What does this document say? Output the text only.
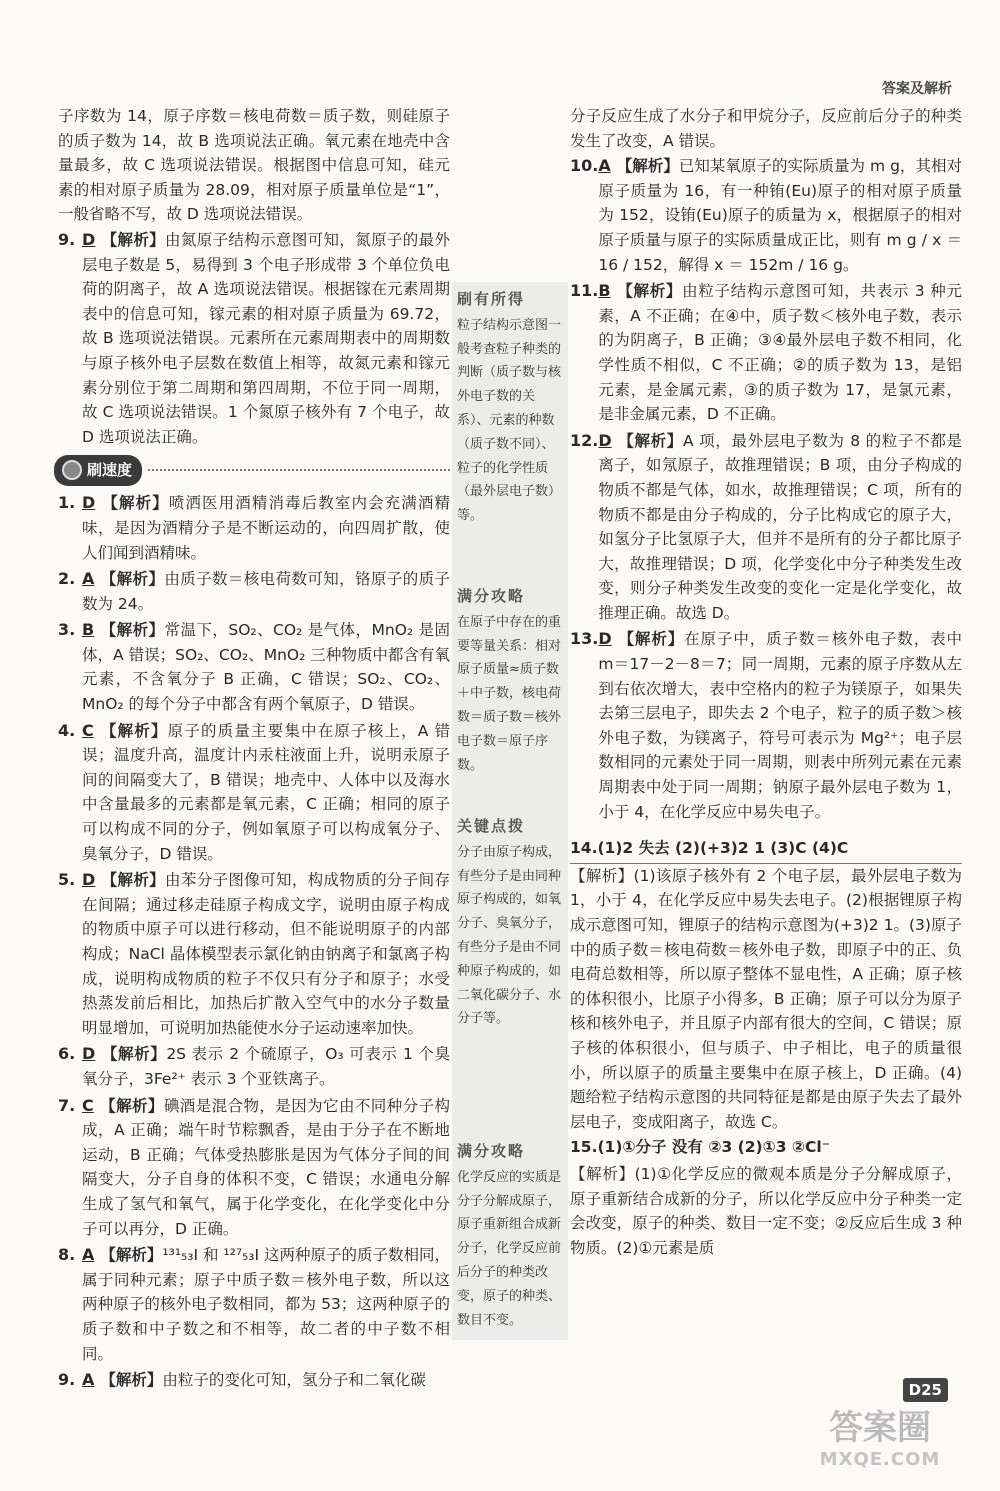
答案及解析

子序数为 14，原子序数＝核电荷数＝质子数，则硅原子的质子数为 14，故 B 选项说法正确。氧元素在地壳中含量最多，故 C 选项说法错误。根据图中信息可知，硅元素的相对原子质量为 28.09，相对原子质量单位是“1”，一般省略不写，故 D 选项说法错误。

9. D 【解析】由氮原子结构示意图可知，氮原子的最外层电子数是 5，易得到 3 个电子形成带 3 个单位负电荷的阴离子，故 A 选项说法错误。根据镓在元素周期表中的信息可知，镓元素的相对原子质量为 69.72，故 B 选项说法错误。元素所在元素周期表中的周期数与原子核外电子层数在数值上相等，故氮元素和镓元素分别位于第二周期和第四周期，不位于同一周期，故 C 选项说法错误。1 个氮原子核外有 7 个电子，故 D 选项说法正确。
刷速度
1. D 【解析】喷洒医用酒精消毒后教室内会充满酒精味，是因为酒精分子是不断运动的，向四周扩散，使人们闻到酒精味。
2. A 【解析】由质子数＝核电荷数可知，铬原子的质子数为 24。
3. B 【解析】常温下，SO₂、CO₂ 是气体，MnO₂ 是固体，A 错误；SO₂、CO₂、MnO₂ 三种物质中都含有氧元素，不含氧分子 B 正确，C 错误；SO₂、CO₂、MnO₂ 的每个分子中都含有两个氧原子，D 错误。
4. C 【解析】原子的质量主要集中在原子核上，A 错误；温度升高，温度计内汞柱液面上升，说明汞原子间的间隔变大了，B 错误；地壳中、人体中以及海水中含量最多的元素都是氧元素，C 正确；相同的原子可以构成不同的分子，例如氧原子可以构成氧分子、臭氧分子，D 错误。
5. D 【解析】由苯分子图像可知，构成物质的分子间存在间隔；通过移走硅原子构成文字，说明由原子构成的物质中原子可以进行移动，但不能说明原子的内部构成；NaCl 晶体模型表示氯化钠由钠离子和氯离子构成，说明构成物质的粒子不仅只有分子和原子；水受热蒸发前后相比，加热后扩散入空气中的水分子数量明显增加，可说明加热能使水分子运动速率加快。
6. D 【解析】2S 表示 2 个硫原子，O₃ 可表示 1 个臭氧分子，3Fe²⁺ 表示 3 个亚铁离子。
7. C 【解析】碘酒是混合物，是因为它由不同种分子构成，A 正确；端午时节粽飘香，是由于分子在不断地运动，B 正确；气体受热膨胀是因为气体分子间的间隔变大，分子自身的体积不变，C 错误；水通电分解生成了氢气和氧气，属于化学变化，在化学变化中分子可以再分，D 正确。
8. A 【解析】¹³¹₅₃I 和 ¹²⁷₅₃I 这两种原子的质子数相同，属于同种元素；原子中质子数＝核外电子数，所以这两种原子的核外电子数相同，都为 53；这两种原子的质子数和中子数之和不相等，故二者的中子数不相同。
9. A 【解析】由粒子的变化可知，氢分子和二氧化碳
刷有所得
粒子结构示意图一般考查粒子种类的判断（质子数与核外电子数的关系）、元素的种数（质子数不同）、粒子的化学性质（最外层电子数）等。
满分攻略
在原子中存在的重要等量关系：相对原子质量≈质子数＋中子数，核电荷数＝质子数＝核外电子数＝原子序数。
关键点拨
分子由原子构成，有些分子是由同种原子构成的，如氧分子、臭氧分子，有些分子是由不同种原子构成的，如二氧化碳分子、水分子等。
满分攻略
化学反应的实质是分子分解成原子，原子重新组合成新分子，化学反应前后分子的种类改变，原子的种类、数目不变。

分子反应生成了水分子和甲烷分子，反应前后分子的种类发生了改变，A 错误。

10. A 【解析】已知某氧原子的实际质量为 m g，其相对原子质量为 16，有一种铕(Eu)原子的相对原子质量为 152，设铕(Eu)原子的质量为 x，根据原子的相对原子质量与原子的实际质量成正比，则有 m g / x ＝ 16 / 152，解得 x ＝ 152m / 16 g。
11. B 【解析】由粒子结构示意图可知，共表示 3 种元素，A 不正确；在④中，质子数＜核外电子数，表示的为阴离子，B 正确；③④最外层电子数不相同，化学性质不相似，C 不正确；②的质子数为 13，是铝元素，是金属元素，③的质子数为 17，是氯元素，是非金属元素，D 不正确。
12. D 【解析】A 项，最外层电子数为 8 的粒子不都是离子，如氖原子，故推理错误；B 项，由分子构成的物质不都是气体，如水，故推理错误；C 项，所有的物质不都是由分子构成的，分子比构成它的原子大，如氢分子比氢原子大，但并不是所有的分子都比原子大，故推理错误；D 项，化学变化中分子种类发生改变，则分子种类发生改变的变化一定是化学变化，故推理正确。故选 D。
13. D 【解析】在原子中，质子数＝核外电子数，表中 m＝17－2－8＝7；同一周期，元素的原子序数从左到右依次增大，表中空格内的粒子为镁原子，如果失去第三层电子，即失去 2 个电子，粒子的质子数＞核外电子数，为镁离子，符号可表示为 Mg²⁺；电子层数相同的元素处于同一周期，则表中所列元素在元素周期表中处于同一周期；钠原子最外层电子数为 1，小于 4，在化学反应中易失电子。
14.(1)2 失去 (2)(+3)2 1 (3)C (4)C

【解析】(1)该原子核外有 2 个电子层，最外层电子数为 1，小于 4，在化学反应中易失去电子。(2)根据锂原子构成示意图可知，锂原子的结构示意图为(+3)2 1。(3)原子中的质子数＝核电荷数＝核外电子数，即原子中的正、负电荷总数相等，所以原子整体不显电性，A 正确；原子核的体积很小，比原子小得多，B 正确；原子可以分为原子核和核外电子，并且原子内部有很大的空间，C 错误；原子核的体积很小，但与质子、中子相比，电子的质量很小，所以原子的质量主要集中在原子核上，D 正确。(4)题给粒子结构示意图的共同特征是都是由原子失去了最外层电子，变成阳离子，故选 C。

15.(1)①分子 没有 ②3 (2)①3 ②Cl⁻

【解析】(1)①化学反应的微观本质是分子分解成原子，原子重新结合成新的分子，所以化学反应中分子种类一定会改变，原子的种类、数目一定不变；②反应后生成 3 种物质。(2)①元素是质

D25
答案圈
MXQE.COM
